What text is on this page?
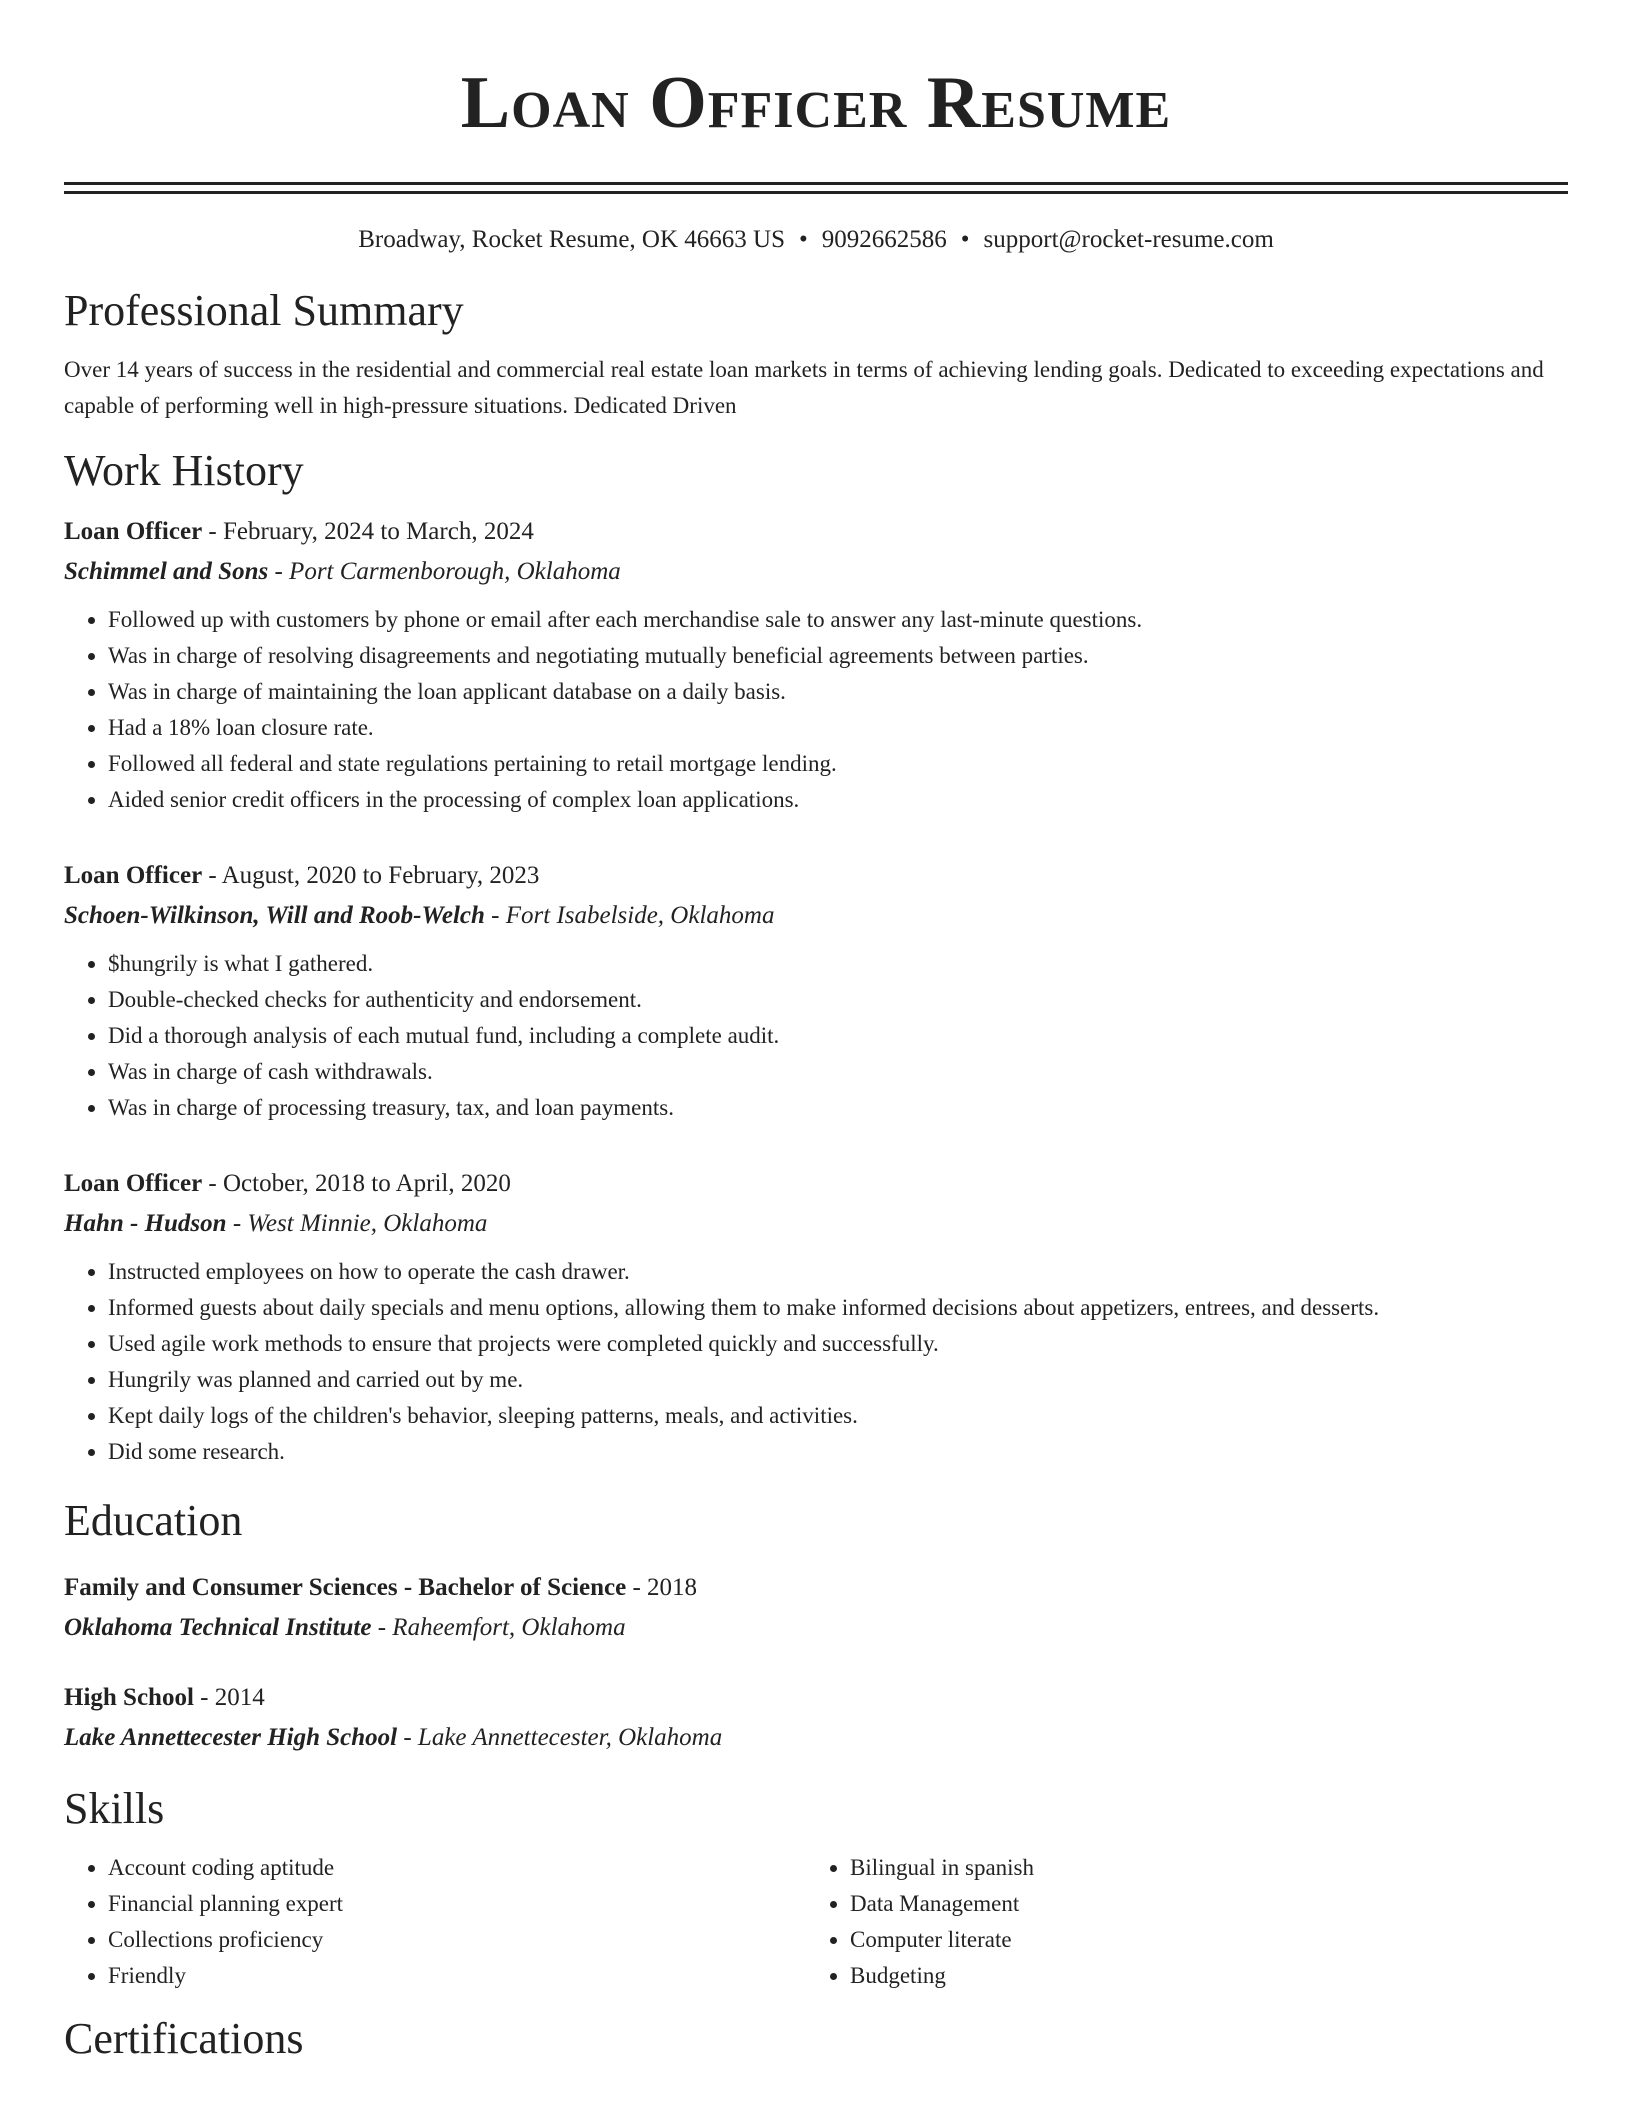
Loan Officer Resume
Broadway, Rocket Resume, OK 46663 US • 9092662586 • support@rocket-resume.com
Professional Summary
Over 14 years of success in the residential and commercial real estate loan markets in terms of achieving lending goals. Dedicated to exceeding expectations and capable of performing well in high-pressure situations. Dedicated Driven
Work History
Loan Officer - February, 2024 to March, 2024
Schimmel and Sons - Port Carmenborough, Oklahoma
• Followed up with customers by phone or email after each merchandise sale to answer any last-minute questions.
• Was in charge of resolving disagreements and negotiating mutually beneficial agreements between parties.
• Was in charge of maintaining the loan applicant database on a daily basis.
• Had a 18% loan closure rate.
• Followed all federal and state regulations pertaining to retail mortgage lending.
• Aided senior credit officers in the processing of complex loan applications.
Loan Officer - August, 2020 to February, 2023
Schoen-Wilkinson, Will and Roob-Welch - Fort Isabelside, Oklahoma
• $hungrily is what I gathered.
• Double-checked checks for authenticity and endorsement.
• Did a thorough analysis of each mutual fund, including a complete audit.
• Was in charge of cash withdrawals.
• Was in charge of processing treasury, tax, and loan payments.
Loan Officer - October, 2018 to April, 2020
Hahn - Hudson - West Minnie, Oklahoma
• Instructed employees on how to operate the cash drawer.
• Informed guests about daily specials and menu options, allowing them to make informed decisions about appetizers, entrees, and desserts.
• Used agile work methods to ensure that projects were completed quickly and successfully.
• Hungrily was planned and carried out by me.
• Kept daily logs of the children's behavior, sleeping patterns, meals, and activities.
• Did some research.
Education
Family and Consumer Sciences - Bachelor of Science - 2018
Oklahoma Technical Institute - Raheemfort, Oklahoma
High School - 2014
Lake Annettecester High School - Lake Annettecester, Oklahoma
Skills
• Account coding aptitude
• Financial planning expert
• Collections proficiency
• Friendly
• Bilingual in spanish
• Data Management
• Computer literate
• Budgeting
Certifications
